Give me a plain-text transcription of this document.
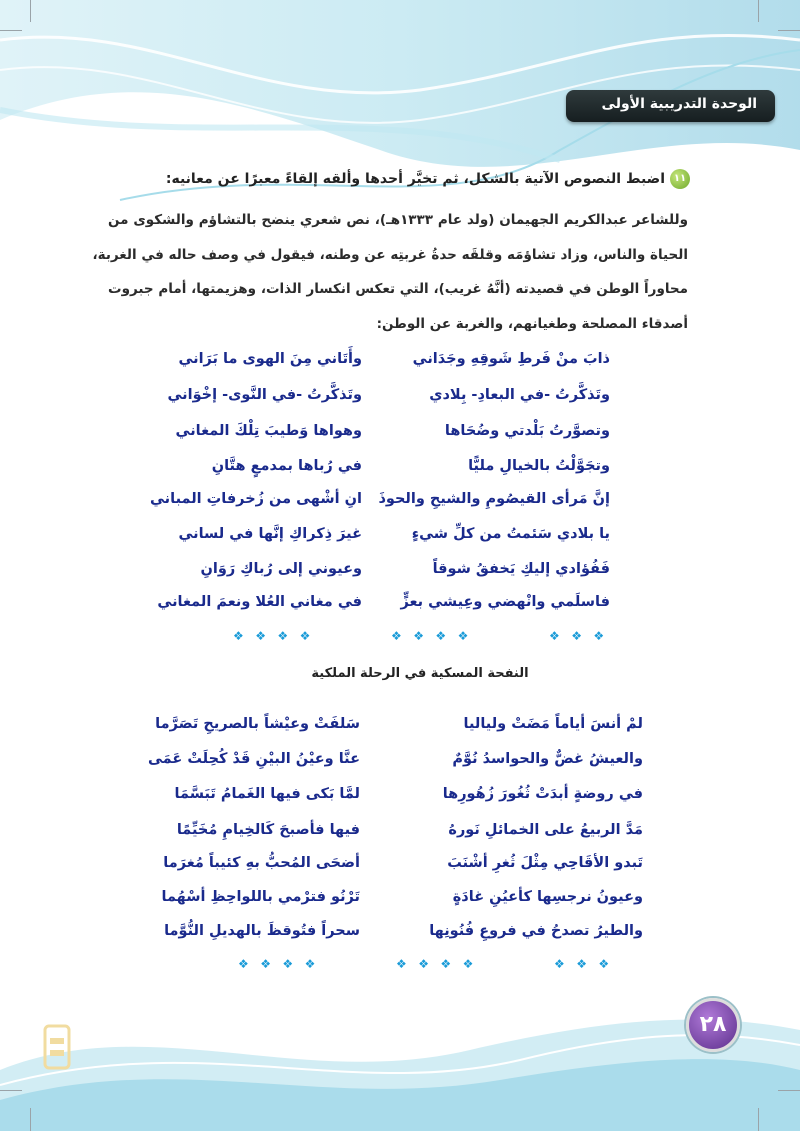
الوحدة التدريبية الأولى
١١
اضبط النصوص الآتية بالشكل، ثم تخيَّر أحدها وألقه إلقاءً معبرًا عن معانيه:
وللشاعر عبدالكريم الجهيمان (ولد عام ١٣٣٣هـ)، نص شعري ينضح بالتشاؤم والشكوى من
الحياة والناس، وزاد تشاؤمَه وقلقَه حدةُ غربتِه عن وطنه، فيقول في وصف حاله في الغربة،
محاوراً الوطن في قصيدته (أنَّهُ غريب)، التي تعكس انكسار الذات، وهزيمتها، أمام جبروت
أصدقاء المصلحة وطغيانهم، والغربة عن الوطن:
ذابَ منْ فَرطِ شَوقِهِ وجَدَاني
وأَتَاني مِنَ الهوى ما بَرَاني
وتَذكَّرتُ -في البعادِ- بِلادي
وتَذكَّرتُ -في النَّوى- إخْوَاني
وتصوَّرتُ بَلْدتي وضُحَاها
وهواها وَطيبَ تِلْكَ المغاني
وتجَوَّلْتُ بالخيالِ مليًّا
في رُباها بمدمعٍ هتَّانِ
إنَّ مَرأى القيصُومِ والشيحِ والحوذَ
انِ أشْهى من زُخرفاتِ المباني
يا بلادي سَئمتُ من كلِّ شيءٍ
غيرَ ذِكراكِ إنَّها في لساني
فَفُؤادي إليكِ يَخفقُ شوقاً
وعيوني إلى رُباكِ رَوَانِ
فاسلَمي وانْهضي وعِيشي بعزٍّ
في مغاني العُلا ونعمَ المغاني
❖   ❖   ❖   ❖	❖   ❖   ❖   ❖	❖   ❖   ❖
النفحة المسكية في الرحلة الملكية
لمْ أنسَ أياماً مَضَتْ ولياليا
سَلفَتْ وعيْشاً بالصريحِ تَصَرَّما
والعيشُ غضٌّ والحواسدُ نُوَّمٌ
عنَّا وعيْنُ البيْنِ قَدْ كُحِلَتْ عَمَى
في روضةٍ أبدَتْ ثُغُورَ زُهُورِها
لمَّا بَكى فيها الغَمامُ تَبَسَّمَا
مَدَّ الربيعُ على الخمائلِ نَورهُ
فيها فأصبحَ كَالخِيامِ مُخَيِّمًا
تَبدو الأقَاحِي مِثْلَ ثُغرِ أشْنَبَ
أضحَى المُحبُّ بهِ كئيباً مُغرَما
وعيونُ نرجسِها كأعيُنِ غادَةٍ
تَرْنُو فترْمي باللواحِظِ أسْهُما
والطيرُ تصدحُ في فروعِ فُنُونِها
سحراً فتُوقظَ بالهديلِ النُّوَّما
❖   ❖   ❖   ❖	❖   ❖   ❖   ❖	❖   ❖   ❖
٢٨
